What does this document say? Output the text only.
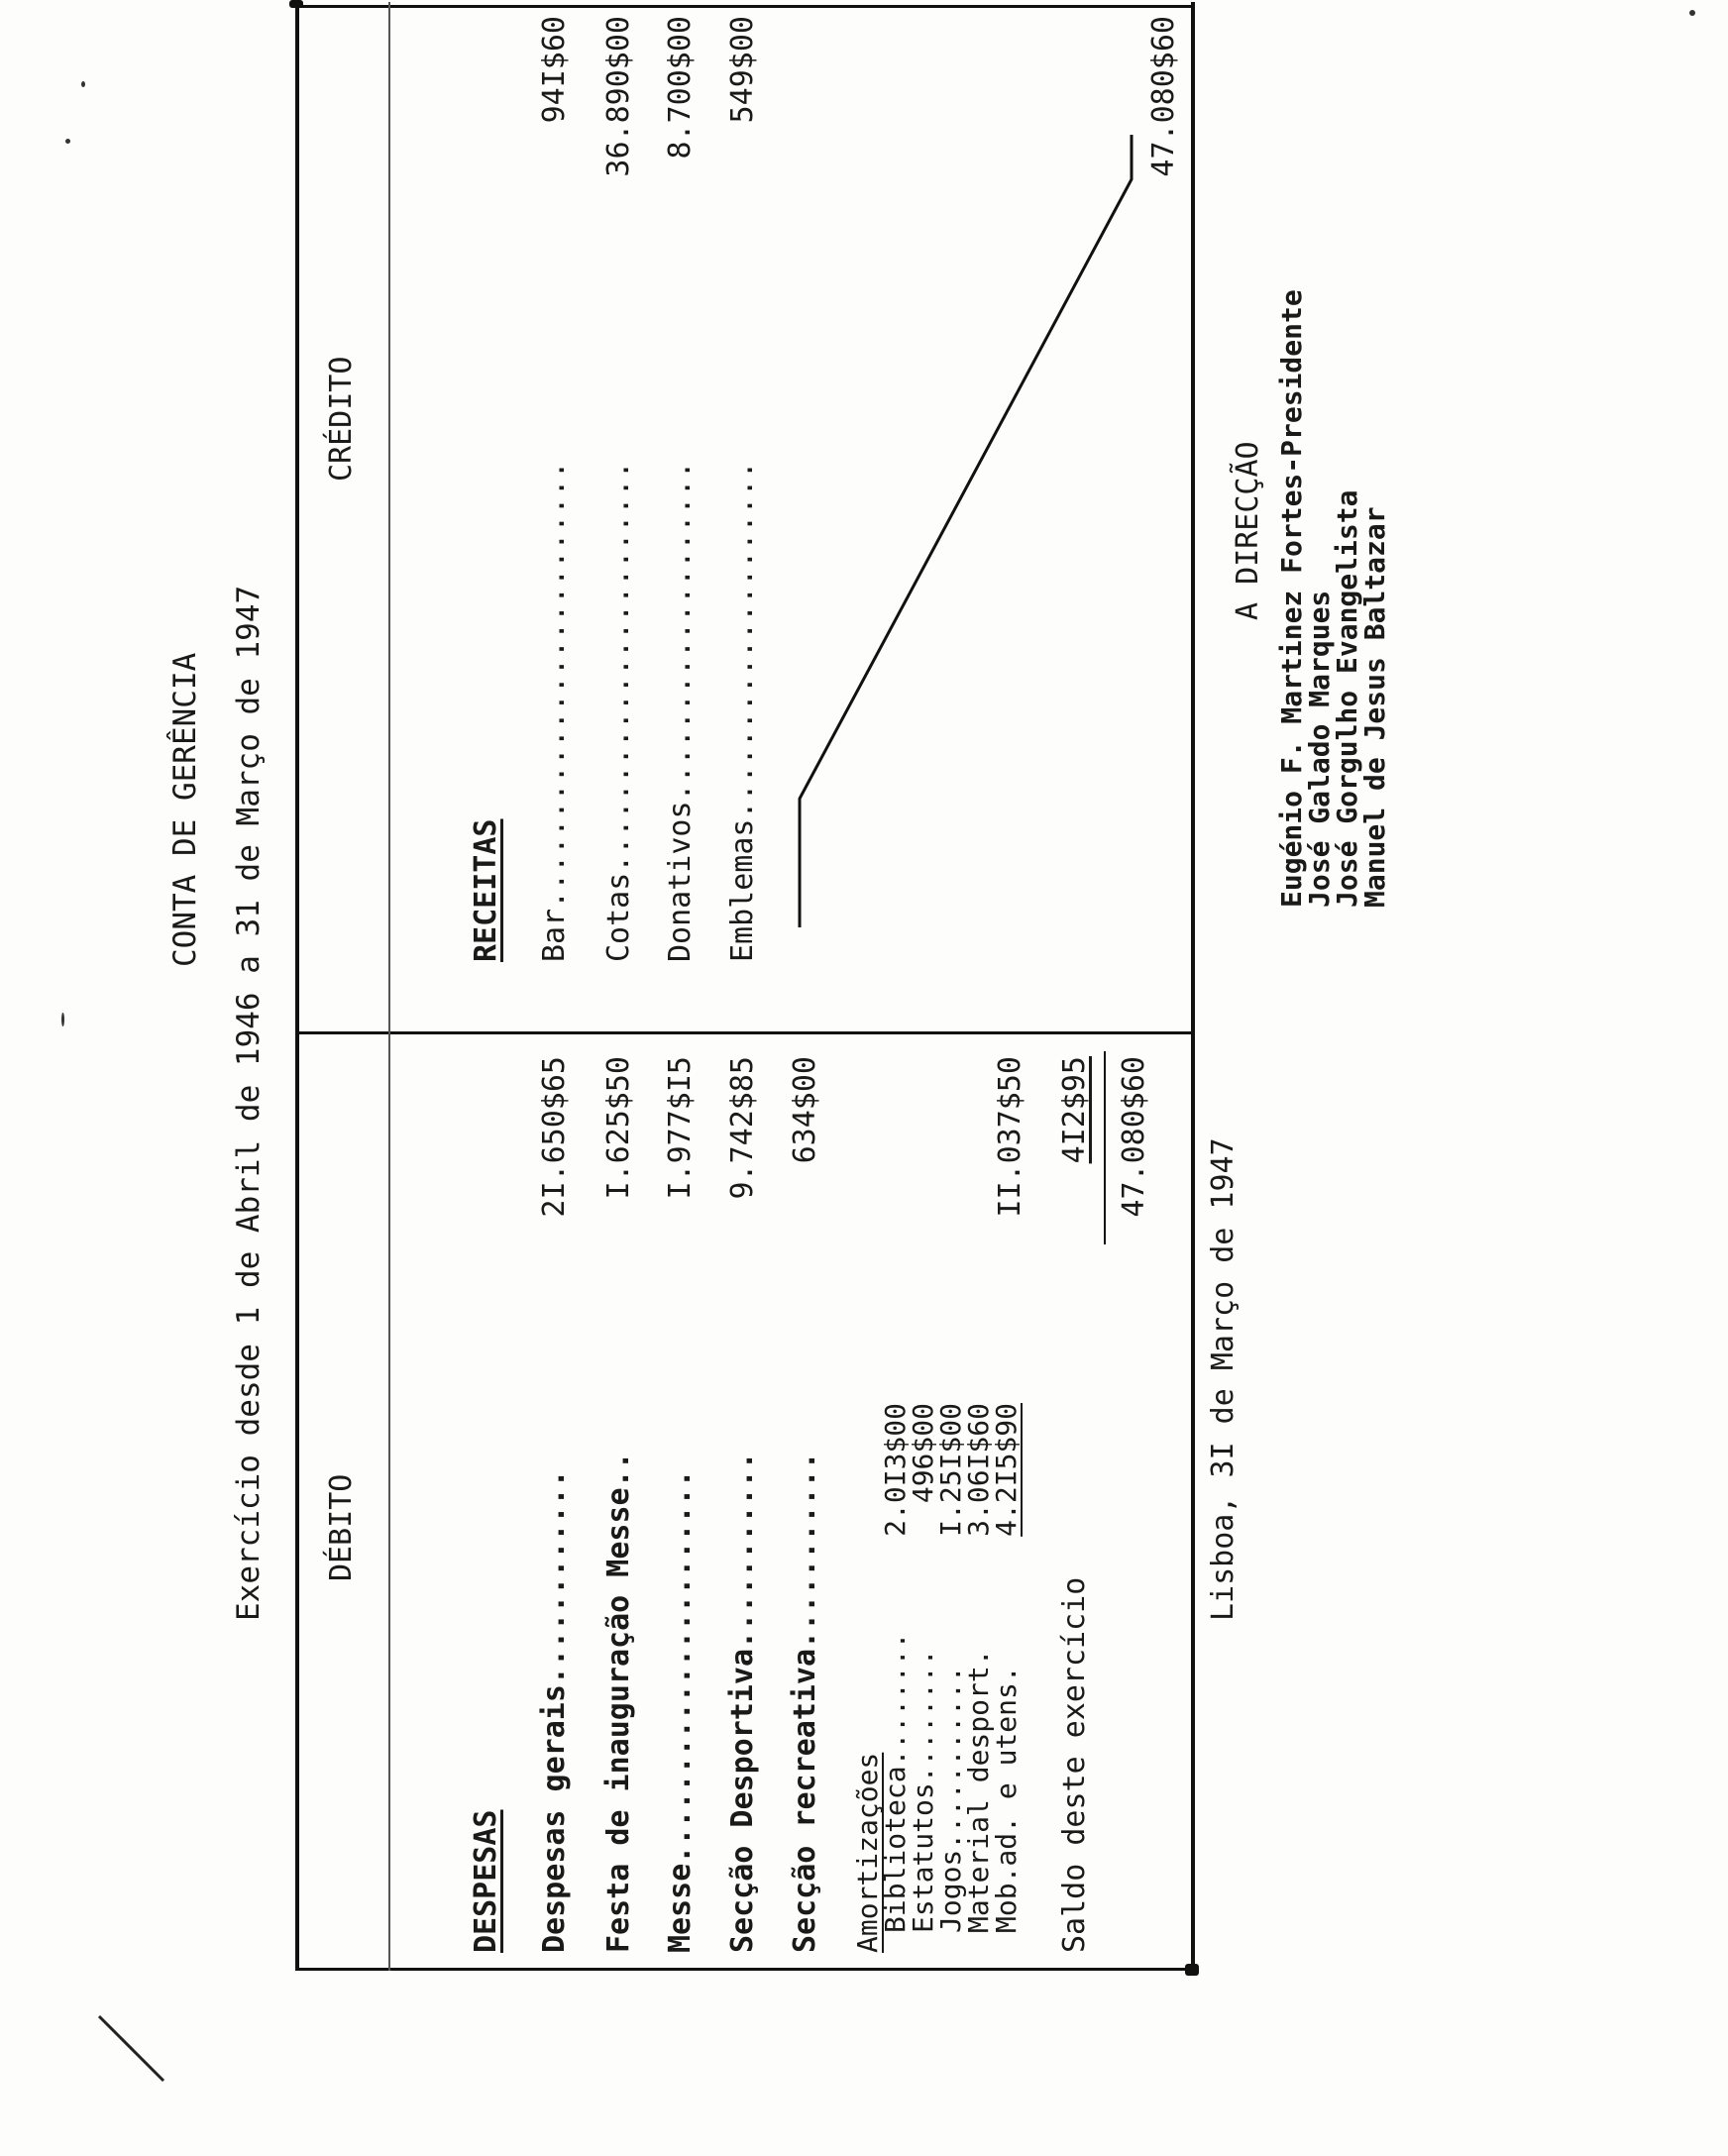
CONTA DE GERÊNCIA Exercício desde 1 de Abril de 1946 a 31 de Março de 1947 DÉBITO
CRÉDITO
DESPESAS Despesas gerais............
2I.650$65
Festa de inauguração Messe..
I.625$50
Messe......................
I.977$I5
Secção Desportiva...........
9.742$85
Secção recreativa...........
634$00
Amortizações
Biblioteca........
2.0I3$00
Estatutos........
496$00
Jogos...........
I.25I$00
Material desport.
3.06I$60
Mob.ad. e utens.
4.2I5$90
II.037$50
Saldo deste exercício
4I2$95 47.080$60
RECEITAS Bar.........................
94I$60
Cotas.......................
36.890$00
Donativos...................
8.700$00
Emblemas....................
549$00	47.080$60
Lisboa, 3I de Março de 1947
A DIRECÇÃO Eugénio F. Martinez Fortes-Presidente
José Galado Marques
José Gorgulho Evangelista
Manuel de Jesus Baltazar
